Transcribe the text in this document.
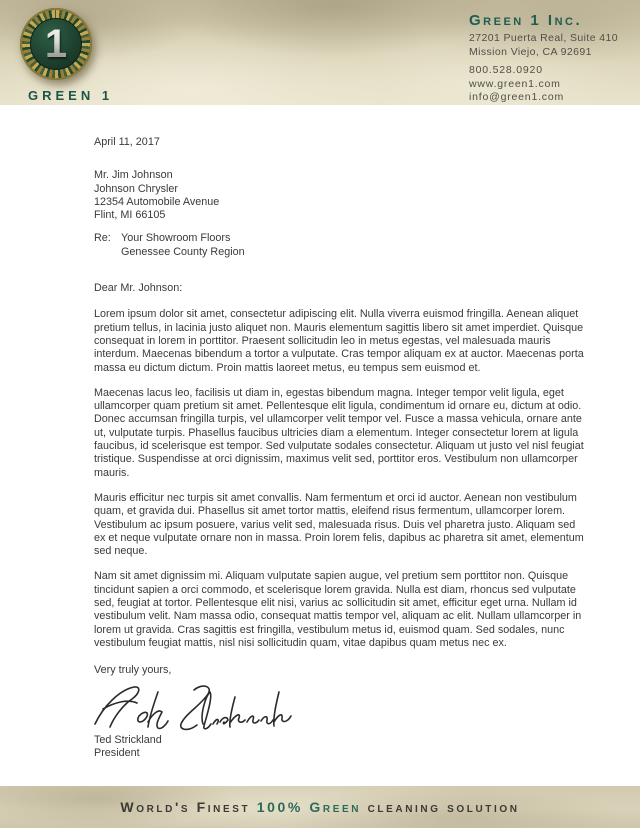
1
GREEN 1
Green 1 Inc.
27201 Puerta Real, Suite 410
Mission Viejo, CA 92691
800.528.0920
www.green1.com
info@green1.com
April 11, 2017
Mr. Jim Johnson
Johnson Chrysler
12354 Automobile Avenue
Flint, MI 66105
Re: Your Showroom Floors
Genessee County Region
Dear Mr. Johnson:

Lorem ipsum dolor sit amet, consectetur adipiscing elit. Nulla viverra euismod fringilla. Aenean aliquet pretium tellus, in lacinia justo aliquet non. Mauris elementum sagittis libero sit amet imperdiet. Quisque consequat in lorem in porttitor. Praesent sollicitudin leo in metus egestas, vel malesuada mauris interdum. Maecenas bibendum a tortor a vulputate. Cras tempor aliquam ex at auctor. Maecenas porta massa eu dictum dictum. Proin mattis laoreet metus, eu tempus sem euismod et.

Maecenas lacus leo, facilisis ut diam in, egestas bibendum magna. Integer tempor velit ligula, eget ullamcorper quam pretium sit amet. Pellentesque elit ligula, condimentum id ornare eu, dictum at odio. Donec accumsan fringilla turpis, vel ullamcorper velit tempor vel. Fusce a massa vehicula, ornare ante ut, vulputate turpis. Phasellus faucibus ultricies diam a elementum. Integer consectetur lorem at ligula faucibus, id scelerisque est tempor. Sed vulputate sodales consectetur. Aliquam ut justo vel nisl feugiat tristique. Suspendisse at orci dignissim, maximus velit sed, porttitor eros. Vestibulum non ullamcorper mauris.

Mauris efficitur nec turpis sit amet convallis. Nam fermentum et orci id auctor. Aenean non vestibulum quam, et gravida dui. Phasellus sit amet tortor mattis, eleifend risus fermentum, ullamcorper lorem. Vestibulum ac ipsum posuere, varius velit sed, malesuada risus. Duis vel pharetra justo. Aliquam sed ex et neque vulputate ornare non in massa. Proin lorem felis, dapibus ac pharetra sit amet, elementum sed neque.

Nam sit amet dignissim mi. Aliquam vulputate sapien augue, vel pretium sem porttitor non. Quisque tincidunt sapien a orci commodo, et scelerisque lorem gravida. Nulla est diam, rhoncus sed vulputate sed, feugiat at tortor. Pellentesque elit nisi, varius ac sollicitudin sit amet, efficitur eget urna. Nullam id vestibulum velit. Nam massa odio, consequat mattis tempor vel, aliquam ac elit. Nullam ullamcorper in lorem ut gravida. Cras sagittis est fringilla, vestibulum metus id, euismod quam. Sed sodales, nunc vestibulum feugiat mattis, nisl nisi sollicitudin quam, vitae dapibus quam metus nec ex.

Very truly yours,
Ted Strickland
President
World's Finest 100% Green cleaning solution
